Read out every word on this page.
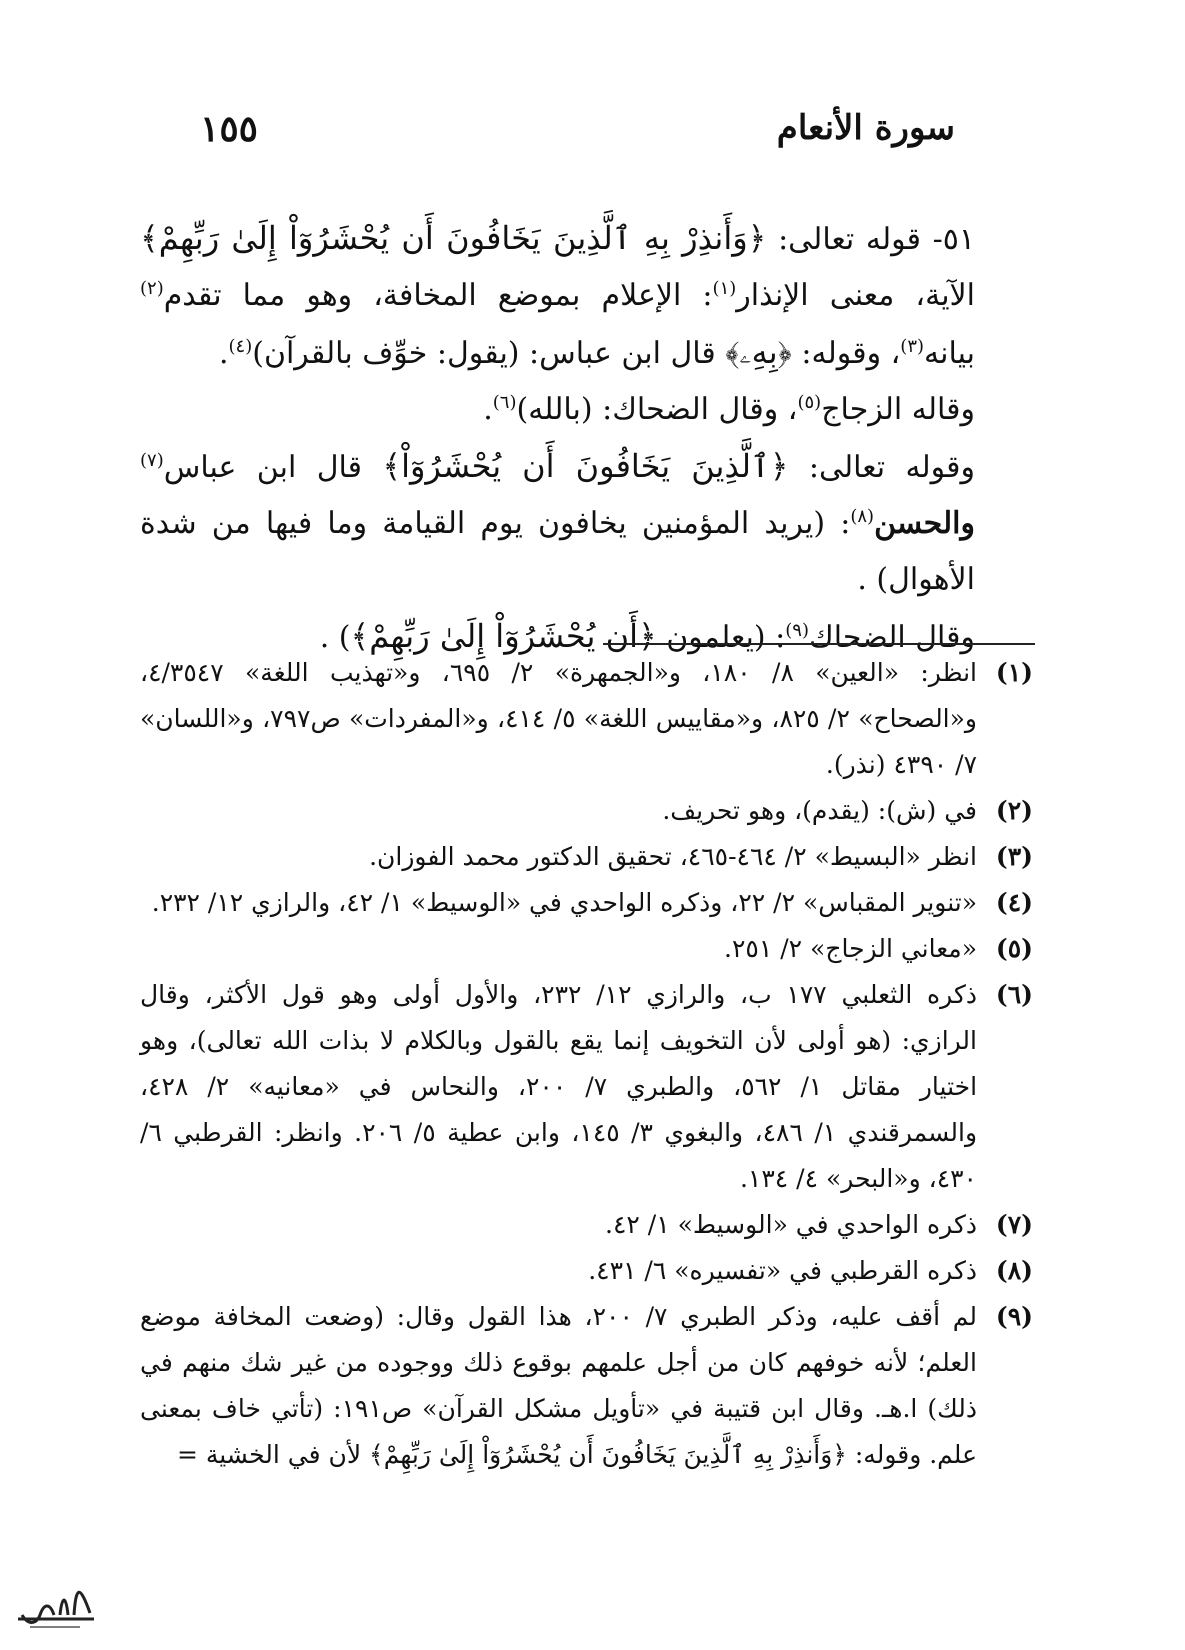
سورة الأنعام
١٥٥

٥١- قوله تعالى: ﴿وَأَنذِرْ بِهِ ٱلَّذِينَ يَخَافُونَ أَن يُحْشَرُوٓاْ إِلَىٰ رَبِّهِمْ﴾ الآية، معنى الإنذار$^{(١)}$: الإعلام بموضع المخافة، وهو مما تقدم$^{(٢)}$ بيانه$^{(٣)}$، وقوله: ﴿بِهِۦ﴾ قال ابن عباس: (يقول: خوِّف بالقرآن)$^{(٤)}$.

وقاله الزجاج$^{(٥)}$، وقال الضحاك: (بالله)$^{(٦)}$.

وقوله تعالى: ﴿ٱلَّذِينَ يَخَافُونَ أَن يُحْشَرُوٓاْ﴾ قال ابن عباس$^{(٧)}$ والحسن$^{(٨)}$: (يريد المؤمنين يخافون يوم القيامة وما فيها من شدة الأهوال) .

وقال الضحاك$^{(٩)}$: (يعلمون ﴿أَن يُحْشَرُوٓاْ إِلَىٰ رَبِّهِمْ﴾) .

(١)
انظر: «العين» ٨/ ١٨٠، و«الجمهرة» ٢/ ٦٩٥، و«تهذيب اللغة» ٤/٣٥٤٧، و«الصحاح» ٢/ ٨٢٥، و«مقاييس اللغة» ٥/ ٤١٤، و«المفردات» ص٧٩٧، و«اللسان» ٧/ ٤٣٩٠ (نذر).
(٢)
في (ش): (يقدم)، وهو تحريف.
(٣)
انظر «البسيط» ٢/ ٤٦٤-٤٦٥، تحقيق الدكتور محمد الفوزان.
(٤)
«تنوير المقباس» ٢/ ٢٢، وذكره الواحدي في «الوسيط» ١/ ٤٢، والرازي ١٢/ ٢٣٢.
(٥)
«معاني الزجاج» ٢/ ٢٥١.
(٦)
ذكره الثعلبي ١٧٧ ب، والرازي ١٢/ ٢٣٢، والأول أولى وهو قول الأكثر، وقال الرازي: (هو أولى لأن التخويف إنما يقع بالقول وبالكلام لا بذات الله تعالى)، وهو اختيار مقاتل ١/ ٥٦٢، والطبري ٧/ ٢٠٠، والنحاس في «معانيه» ٢/ ٤٢٨، والسمرقندي ١/ ٤٨٦، والبغوي ٣/ ١٤٥، وابن عطية ٥/ ٢٠٦. وانظر: القرطبي ٦/ ٤٣٠، و«البحر» ٤/ ١٣٤.
(٧)
ذكره الواحدي في «الوسيط» ١/ ٤٢.
(٨)
ذكره القرطبي في «تفسيره» ٦/ ٤٣١.
(٩)
لم أقف عليه، وذكر الطبري ٧/ ٢٠٠، هذا القول وقال: (وضعت المخافة موضع العلم؛ لأنه خوفهم كان من أجل علمهم بوقوع ذلك ووجوده من غير شك منهم في ذلك) ا.هـ. وقال ابن قتيبة في «تأويل مشكل القرآن» ص١٩١: (تأتي خاف بمعنى علم. وقوله: ﴿وَأَنذِرْ بِهِ ٱلَّذِينَ يَخَافُونَ أَن يُحْشَرُوٓاْ إِلَىٰ رَبِّهِمْ﴾ لأن في الخشية =
